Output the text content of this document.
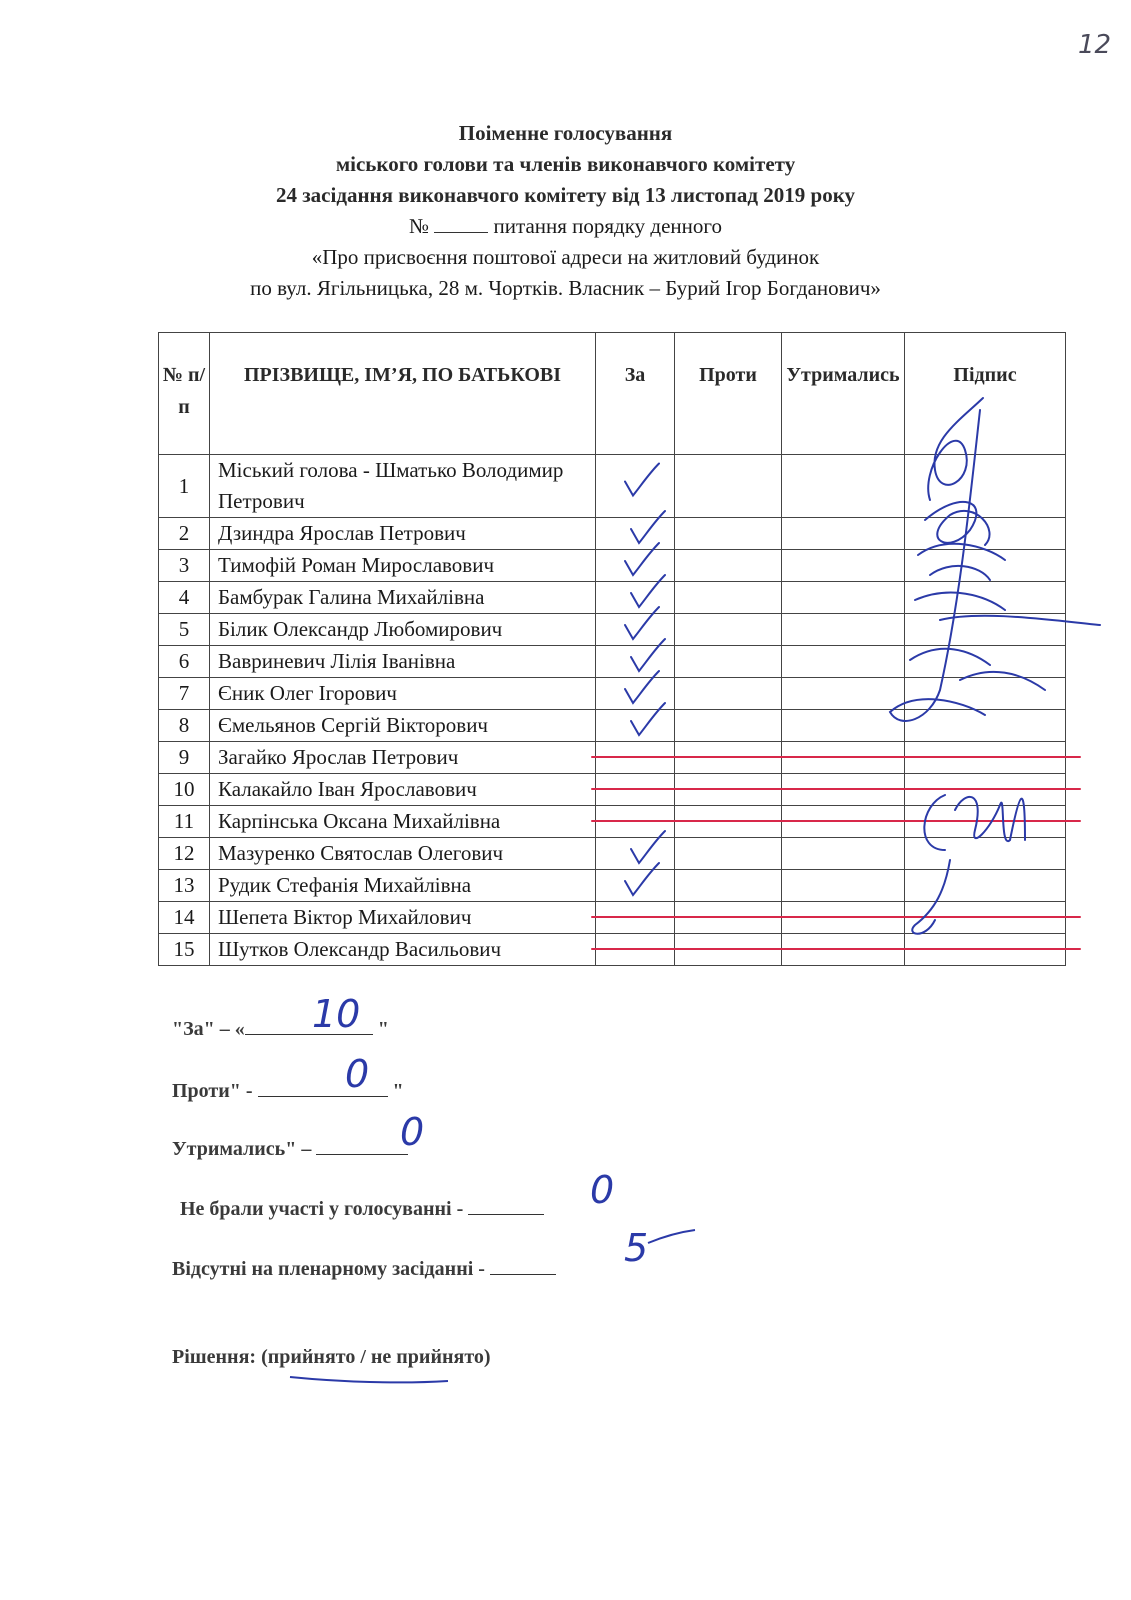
12
Поіменне голосування
міського голови та членів виконавчого комітету
24 засідання виконавчого комітету від 13 листопад 2019 року
№	питання порядку денного
«Про присвоєння поштової адреси на житловий будинок
по вул. Ягільницька, 28 м. Чортків. Власник – Бурий Ігор Богданович»
№ п/п	ПРІЗВИЩЕ, ІМ’Я, ПО БАТЬКОВІ	За	Проти	Утримались	Підпис
1	Міський голова - Шматько Володимир Петрович				
2	Дзиндра Ярослав Петрович				
3	Тимофій Роман Мирославович				
4	Бамбурак Галина Михайлівна				
5	Білик Олександр Любомирович				
6	Вавриневич Лілія Іванівна				
7	Єник Олег Ігорович				
8	Ємельянов Сергій Вікторович				
9	Загайко Ярослав Петрович				
10	Калакайло Іван Ярославович				
11	Карпінська Оксана Михайлівна				
12	Мазуренко Святослав Олегович				
13	Рудик Стефанія Михайлівна				
14	Шепета Віктор Михайлович				
15	Шутков Олександр Васильович				
"За" – «	"
10
Проти" -	"
0
Утримались" –	0
Не брали участі у голосуванні -	0
Відсутні на пленарному засіданні -	5
Рішення: (прийнято / не прийнято)
